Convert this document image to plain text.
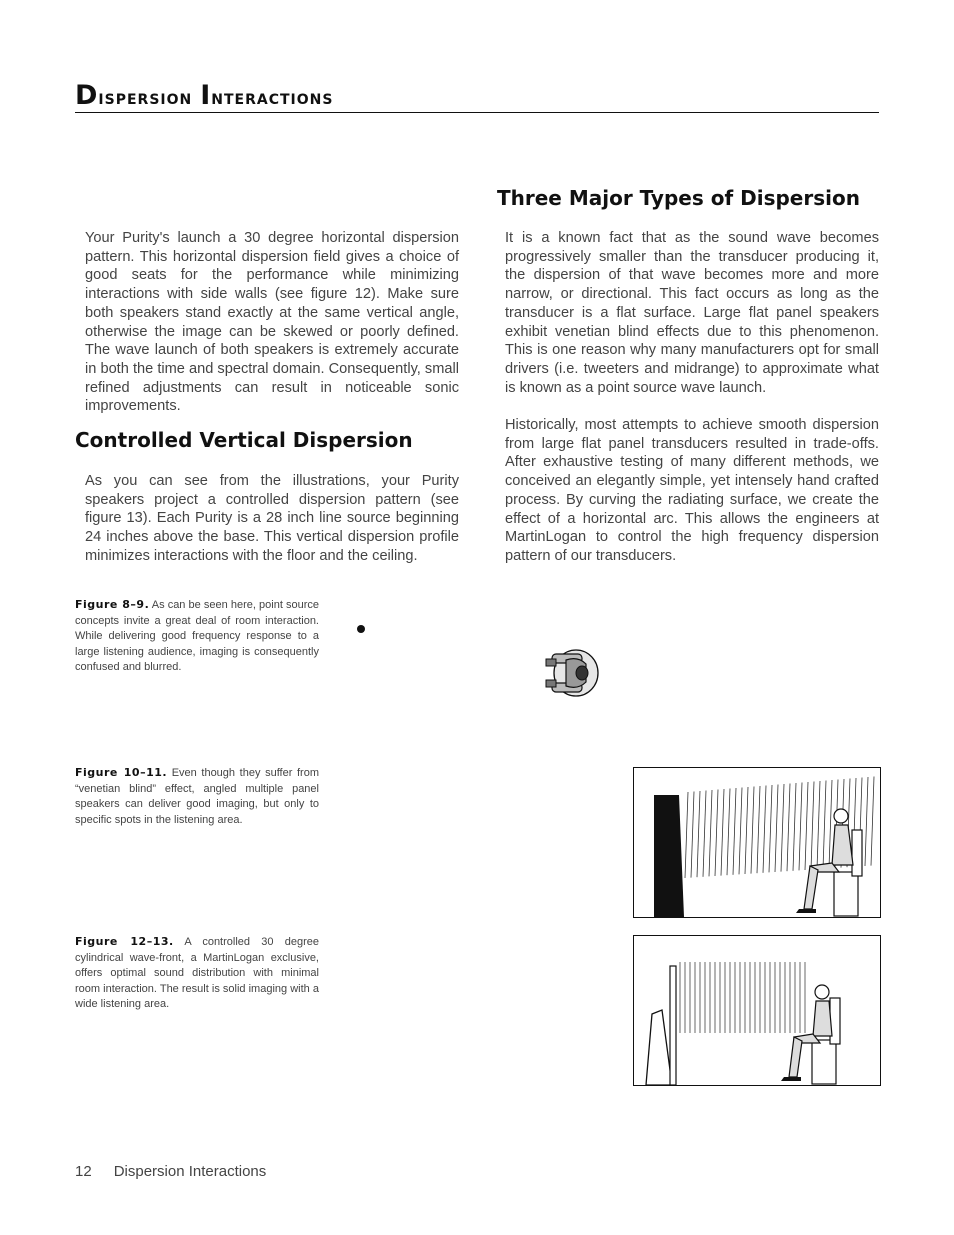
Dispersion Interactions

Your Purity's launch a 30 degree horizontal dispersion pattern. This horizontal dispersion field gives a choice of good seats for the performance while minimizing interactions with side walls (see figure 12). Make sure both speakers stand exactly at the same vertical angle, otherwise the image can be skewed or poorly defined. The wave launch of both speakers is extremely accurate in both the time and spectral domain. Consequently, small refined adjustments can result in noticeable sonic improvements.

Controlled Vertical Dispersion

As you can see from the illustrations, your Purity speakers project a controlled dispersion pattern (see figure 13). Each Purity is a 28 inch line source beginning 24 inches above the base. This vertical dispersion profile minimizes interactions with the floor and the ceiling.

Three Major Types of Dispersion

It is a known fact that as the sound wave becomes progressively smaller than the transducer producing it, the dispersion of that wave becomes more and more narrow, or directional. This fact occurs as long as the transducer is a flat surface. Large flat panel speakers exhibit venetian blind effects due to this phenomenon. This is one reason why many manufacturers opt for small drivers (i.e. tweeters and midrange) to approximate what is known as a point source wave launch.

Historically, most attempts to achieve smooth dispersion from large flat panel transducers resulted in trade-offs. After exhaustive testing of many different methods, we conceived an elegantly simple, yet intensely hand crafted process. By curving the radiating surface, we create the effect of a horizontal arc. This allows the engineers at MartinLogan to control the high frequency dispersion pattern of our transducers.

Figure 8–9. As can be seen here, point source concepts invite a great deal of room interaction. While delivering good frequency response to a large listening audience, imaging is consequently confused and blurred.

Figure 10–11. Even though they suffer from “venetian blind” effect, angled multiple panel speakers can deliver good imaging, but only to specific spots in the listening area.

Figure 12–13. A controlled 30 degree cylindrical wave-front, a MartinLogan exclusive, offers optimal sound distribution with minimal room interaction. The result is solid imaging with a wide listening area.

12 Dispersion Interactions
